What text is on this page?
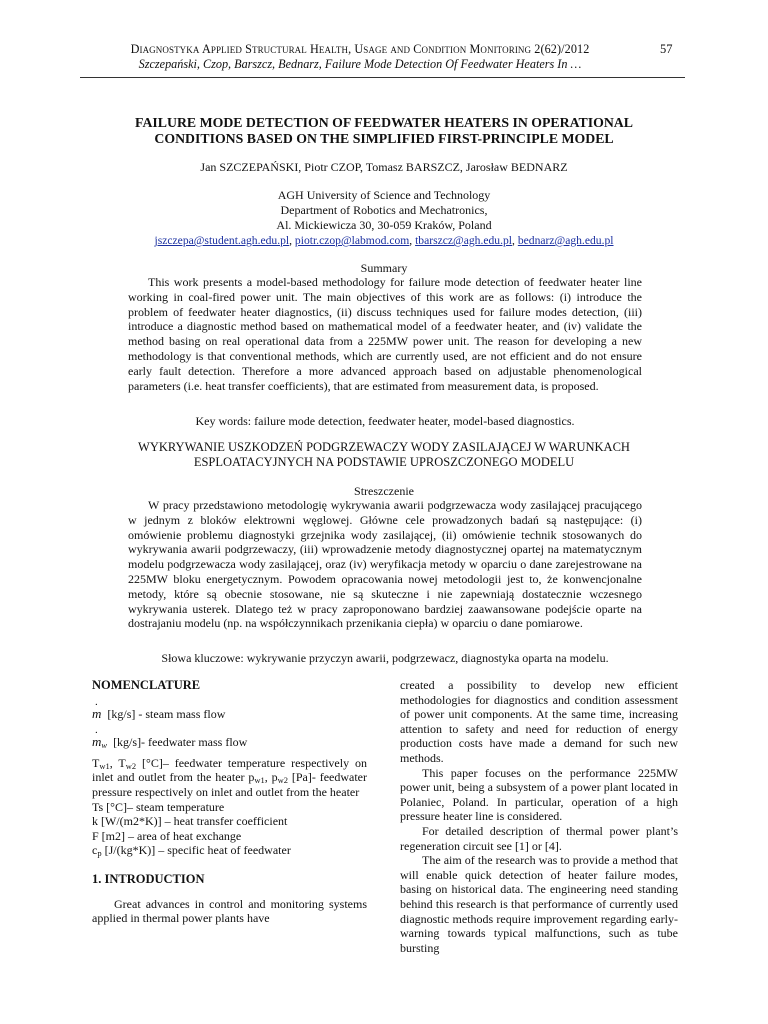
Diagnostyka Applied Structural Health, Usage and Condition Monitoring 2(62)/2012
Szczepański, Czop, Barszcz, Bednarz, Failure Mode Detection Of Feedwater Heaters In …
57
FAILURE MODE DETECTION OF FEEDWATER HEATERS IN OPERATIONAL
CONDITIONS BASED ON THE SIMPLIFIED FIRST-PRINCIPLE MODEL
Jan SZCZEPAŃSKI, Piotr CZOP, Tomasz BARSZCZ, Jarosław BEDNARZ
AGH University of Science and Technology
Department of Robotics and Mechatronics,
Al. Mickiewicza 30, 30-059 Kraków, Poland
jszczepa@student.agh.edu.pl, piotr.czop@labmod.com, tbarszcz@agh.edu.pl, bednarz@agh.edu.pl
Summary
This work presents a model-based methodology for failure mode detection of feedwater heater line working in coal-fired power unit. The main objectives of this work are as follows: (i) introduce the problem of feedwater heater diagnostics, (ii) discuss techniques used for failure modes detection, (iii) introduce a diagnostic method based on mathematical model of a feedwater heater, and (iv) validate the method basing on real operational data from a 225MW power unit. The reason for developing a new methodology is that conventional methods, which are currently used, are not efficient and do not ensure early fault detection. Therefore a more advanced approach based on adjustable phenomenological parameters (i.e. heat transfer coefficients), that are estimated from measurement data, is proposed.
Key words: failure mode detection, feedwater heater, model-based diagnostics.
WYKRYWANIE USZKODZEŃ PODGRZEWACZY WODY ZASILAJĄCEJ W WARUNKACH
ESPLOATACYJNYCH NA PODSTAWIE UPROSZCZONEGO MODELU
Streszczenie
W pracy przedstawiono metodologię wykrywania awarii podgrzewacza wody zasilającej pracującego w jednym z bloków elektrowni węglowej. Główne cele prowadzonych badań są następujące: (i) omówienie problemu diagnostyki grzejnika wody zasilającej, (ii) omówienie technik stosowanych do wykrywania awarii podgrzewaczy, (iii) wprowadzenie metody diagnostycznej opartej na matematycznym modelu podgrzewacza wody zasilającej, oraz (iv) weryfikacja metody w oparciu o dane zarejestrowane na 225MW bloku energetycznym. Powodem opracowania nowej metodologii jest to, że konwencjonalne metody, które są obecnie stosowane, nie są skuteczne i nie zapewniają dostatecznie wczesnego wykrywania usterek. Dlatego też w pracy zaproponowano bardziej zaawansowane podejście oparte na dostrajaniu modelu (np. na współczynnikach przenikania ciepła) w oparciu o dane pomiarowe.
Słowa kluczowe: wykrywanie przyczyn awarii, podgrzewacz, diagnostyka oparta na modelu.
NOMENCLATURE

. m [kg/s] - steam mass flow

. $m_w$ [kg/s]- feedwater mass flow

$T_{w1}$, $T_{w2}$ [°C]– feedwater temperature respectively on inlet and outlet from the heater $p_{w1}$, $p_{w2}$ [Pa]- feedwater pressure respectively on inlet and outlet from the heater

Ts [°C]– steam temperature

k [W/(m2*K)] – heat transfer coefficient

F [m2] – area of heat exchange

$c_p$ [J/(kg*K)] – specific heat of feedwater

1. INTRODUCTION

Great advances in control and monitoring systems applied in thermal power plants have

created a possibility to develop new efficient methodologies for diagnostics and condition assessment of power unit components. At the same time, increasing attention to safety and need for reduction of energy production costs have made a demand for such new methods.

This paper focuses on the performance 225MW power unit, being a subsystem of a power plant located in Polaniec, Poland. In particular, operation of a high pressure heater line is considered.

For detailed description of thermal power plant’s regeneration circuit see [1] or [4].

The aim of the research was to provide a method that will enable quick detection of heater failure modes, basing on historical data. The engineering need standing behind this research is that performance of currently used diagnostic methods require improvement regarding early-warning towards typical malfunctions, such as tube bursting
